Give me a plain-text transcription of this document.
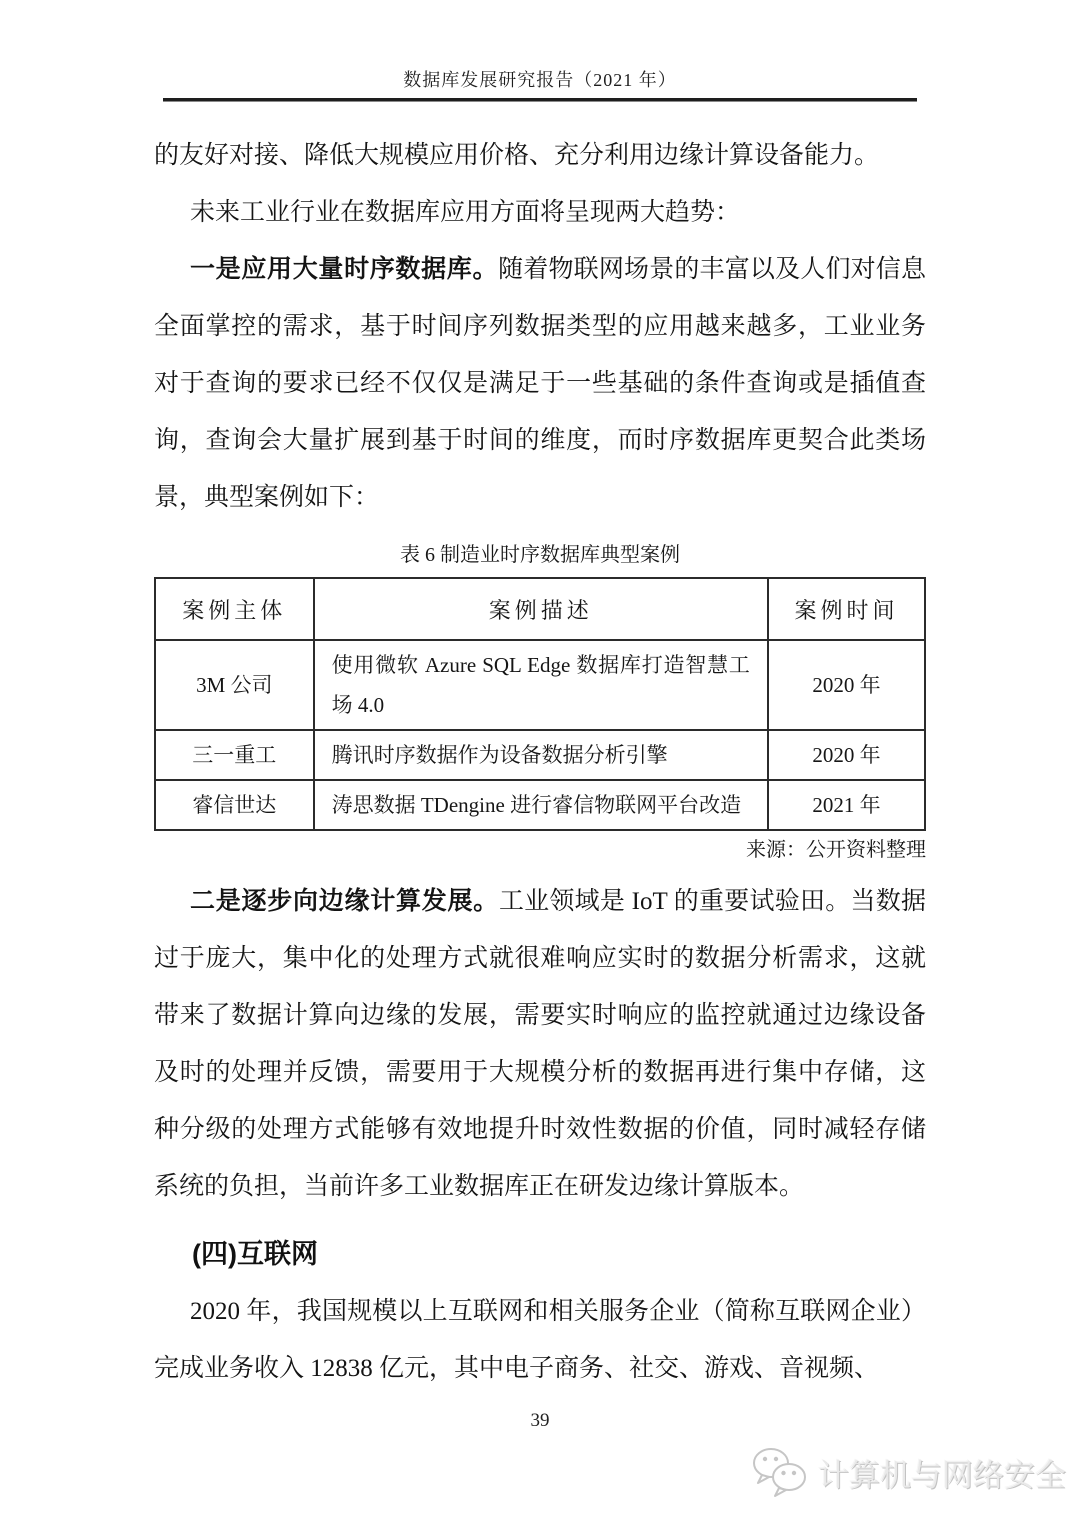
数据库发展研究报告（2021 年）

的友好对接、降低大规模应用价格、充分利用边缘计算设备能力。

未来工业行业在数据库应用方面将呈现两大趋势：

一是应用大量时序数据库。随着物联网场景的丰富以及人们对信息全面掌控的需求，基于时间序列数据类型的应用越来越多，工业业务对于查询的要求已经不仅仅是满足于一些基础的条件查询或是插值查询，查询会大量扩展到基于时间的维度，而时序数据库更契合此类场景，典型案例如下：

表 6 制造业时序数据库典型案例
案例主体	案例描述	案例时间
3M 公司	使用微软 Azure SQL Edge 数据库打造智慧工场 4.0	2020 年
三一重工	腾讯时序数据作为设备数据分析引擎	2020 年
睿信世达	涛思数据 TDengine 进行睿信物联网平台改造	2021 年
来源：公开资料整理

二是逐步向边缘计算发展。工业领域是 IoT 的重要试验田。当数据过于庞大，集中化的处理方式就很难响应实时的数据分析需求，这就带来了数据计算向边缘的发展，需要实时响应的监控就通过边缘设备及时的处理并反馈，需要用于大规模分析的数据再进行集中存储，这种分级的处理方式能够有效地提升时效性数据的价值，同时减轻存储系统的负担，当前许多工业数据库正在研发边缘计算版本。

(四)互联网

2020 年，我国规模以上互联网和相关服务企业（简称互联网企业）完成业务收入 12838 亿元，其中电子商务、社交、游戏、音视频、

39
计算机与网络安全
